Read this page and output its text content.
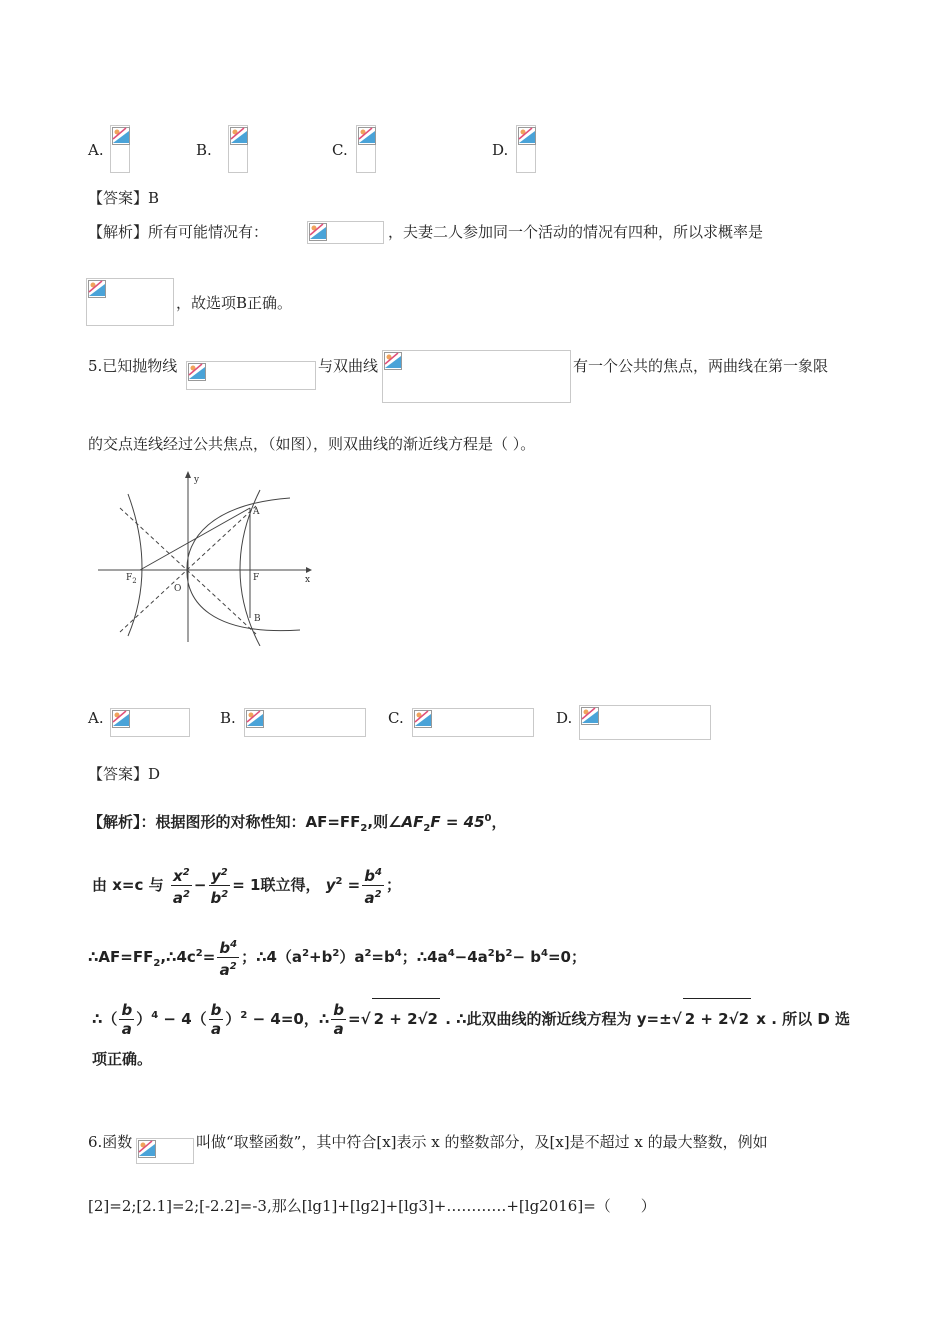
A.	B.	C.	D.
【答案】B
【解析】所有可能情况有：	，夫妻二人参加同一个活动的情况有四种，所以求概率是
，故选项B正确。
5.已知抛物线	与双曲线	有一个公共的焦点，两曲线在第一象限
的交点连线经过公共焦点，（如图），则双曲线的渐近线方程是（ ）。
y
x
O
F
$F_2$
A
B
A.	B.	C.	D.
【答案】D
【解析】：根据图形的对称性知：$AF=FF_2$,则$\angle AF_2F = 45^0$，
由 x=c 与 $\frac{x^2}{a^2} - \frac{y^2}{b^2} = 1$联立得， $y^2 = \frac{b^4}{a^2}$ ；
$\therefore AF=FF_2,\therefore 4c^2= \frac{b^4}{a^2}$ ；$\therefore 4(a^2+b^2)a^2=b^4$；$\therefore 4a^4-4a^2b^2- b^4=0$；
∴（ $\frac{b}{a} )^4 - 4( \frac{b}{a} )^2 - 4=0$，∴ $\frac{b}{a}$ =√ 2 + 2√2 . ∴此双曲线的渐近线方程为 y=±√ 2 + 2√2 x . 所以 D 选
项正确。
6.函数	叫做“取整函数”，其中符合[x]表示 x 的整数部分，及[x]是不超过 x 的最大整数，例如
[2]=2;[2.1]=2;[-2.2]=-3,那么[lg1]+[lg2]+[lg3]+…………+[lg2016]=（　　）
